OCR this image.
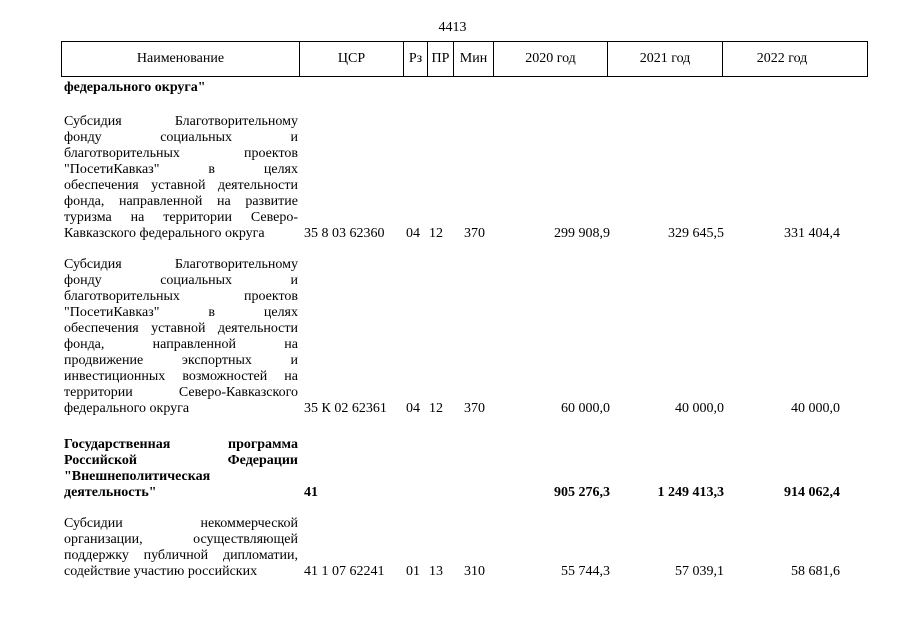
4413
Наименование	ЦСР	Рз ПР Мин	2020 год	2021 год	2022 год
федерального округа"
Субсидия Благотворительному
фонду социальных и
благотворительных проектов
"ПосетиКавказ" в целях
обеспечения уставной деятельности
фонда, направленной на развитие
туризма на территории Северо-
Кавказского федерального округа	35 8 03 62360 04 12 370	299 908,9	329 645,5	331 404,4
Субсидия Благотворительному
фонду социальных и
благотворительных проектов
"ПосетиКавказ" в целях
обеспечения уставной деятельности
фонда, направленной на
продвижение экспортных и
инвестиционных возможностей на
территории Северо-Кавказского
федерального округа	35 К 02 62361 04 12 370	60 000,0	40 000,0	40 000,0
Государственная программа
Российской Федерации
"Внешнеполитическая
деятельность"	41	905 276,3	1 249 413,3	914 062,4
Субсидии некоммерческой
организации, осуществляющей
поддержку публичной дипломатии,
содействие участию российских	41 1 07 62241 01 13 310	55 744,3	57 039,1	58 681,6
